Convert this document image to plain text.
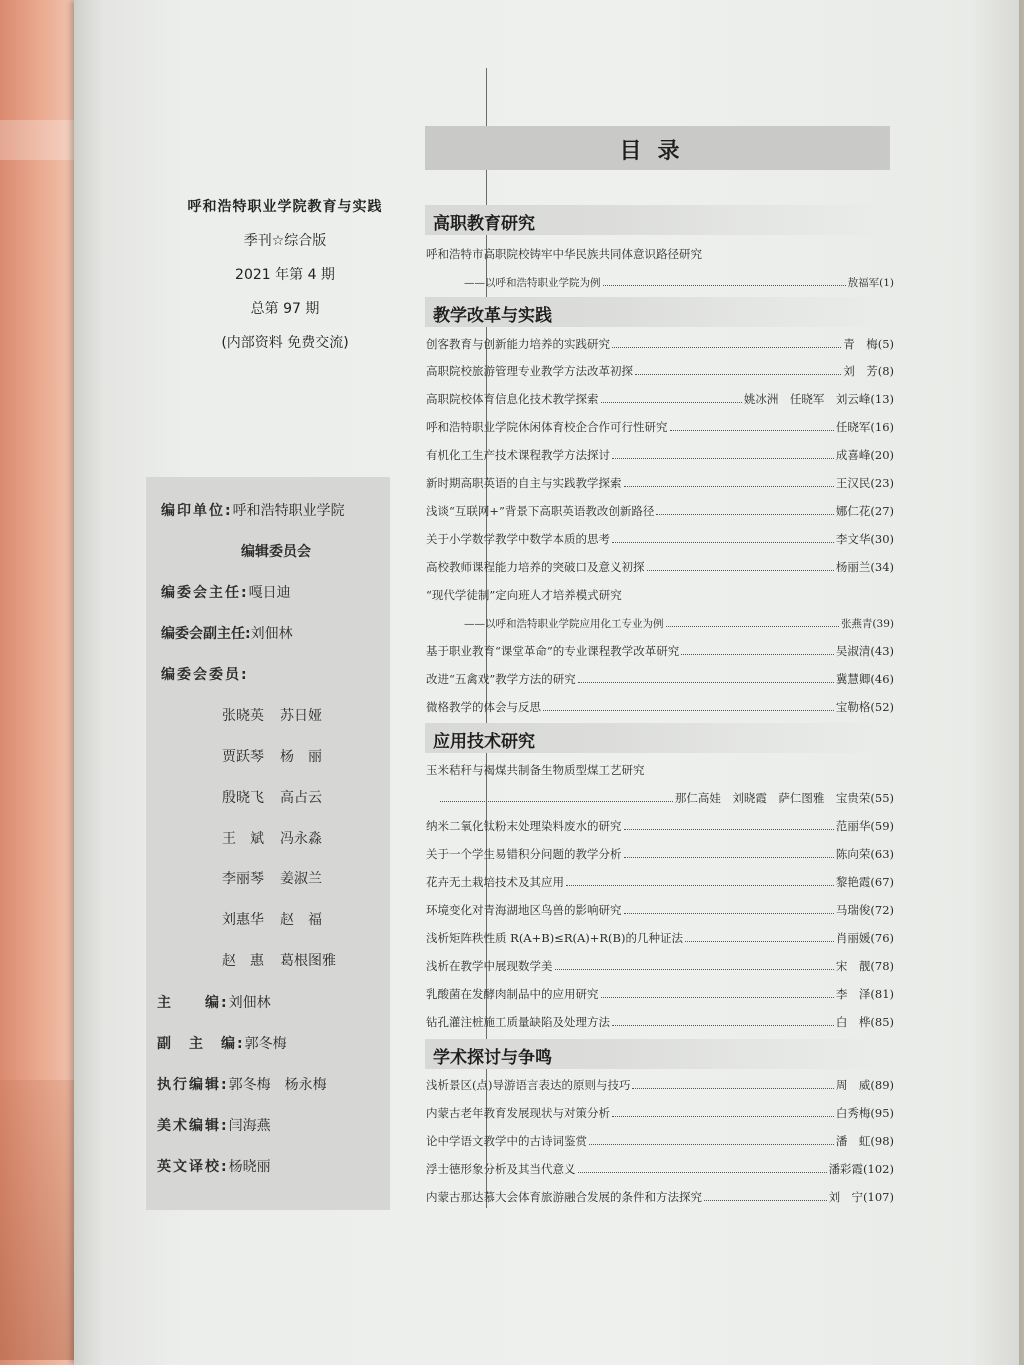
呼和浩特职业学院教育与实践
季刊☆综合版
2021 年第 4 期
总第 97 期
(内部资料 免费交流)
编印单位:呼和浩特职业学院
编辑委员会
编委会主任:嘎日迪
编委会副主任:刘佃林
编委会委员:
张晓英 苏日娅
贾跃琴 杨　丽
殷晓飞 高占云
王　斌 冯永淼
李丽琴 姜淑兰
刘惠华 赵　福
赵　惠 葛根图雅
主　　编:刘佃林
副　主　编:郭冬梅
执行编辑:郭冬梅　杨永梅
美术编辑:闫海燕
英文译校:杨晓丽
目录
高职教育研究
教学改革与实践
应用技术研究
学术探讨与争鸣
呼和浩特市高职院校铸牢中华民族共同体意识路径研究
——以呼和浩特职业学院为例	敖福军(1)
创客教育与创新能力培养的实践研究	青　梅(5)
高职院校旅游管理专业教学方法改革初探	刘　芳(8)
高职院校体育信息化技术教学探索	姚冰洲　任晓军　刘云峰(13)
呼和浩特职业学院休闲体育校企合作可行性研究	任晓军(16)
有机化工生产技术课程教学方法探讨	成喜峰(20)
新时期高职英语的自主与实践教学探索	王汉民(23)
浅谈“互联网+”背景下高职英语教改创新路径	娜仁花(27)
关于小学数学教学中数学本质的思考	李文华(30)
高校教师课程能力培养的突破口及意义初探	杨丽兰(34)
“现代学徒制”定向班人才培养模式研究
——以呼和浩特职业学院应用化工专业为例	张燕青(39)
基于职业教育“课堂革命”的专业课程教学改革研究	吴淑清(43)
改进“五禽戏”教学方法的研究	冀慧卿(46)
微格教学的体会与反思	宝勒格(52)
玉米秸秆与褐煤共制备生物质型煤工艺研究
那仁高娃　刘晓霞　萨仁图雅　宝贵荣(55)
纳米二氧化钛粉末处理染料废水的研究	范丽华(59)
关于一个学生易错积分问题的教学分析	陈向荣(63)
花卉无土栽培技术及其应用	黎艳霞(67)
环境变化对青海湖地区鸟兽的影响研究	马瑞俊(72)
浅析矩阵秩性质 R(A+B)≤R(A)+R(B)的几种证法	肖丽媛(76)
浅析在教学中展现数学美	宋　靓(78)
乳酸菌在发酵肉制品中的应用研究	李　泽(81)
钻孔灌注桩施工质量缺陷及处理方法	白　桦(85)
浅析景区(点)导游语言表达的原则与技巧	周　威(89)
内蒙古老年教育发展现状与对策分析	白秀梅(95)
论中学语文教学中的古诗词鉴赏	潘　虹(98)
浮士德形象分析及其当代意义	潘彩霞(102)
内蒙古那达慕大会体育旅游融合发展的条件和方法探究	刘　宁(107)
